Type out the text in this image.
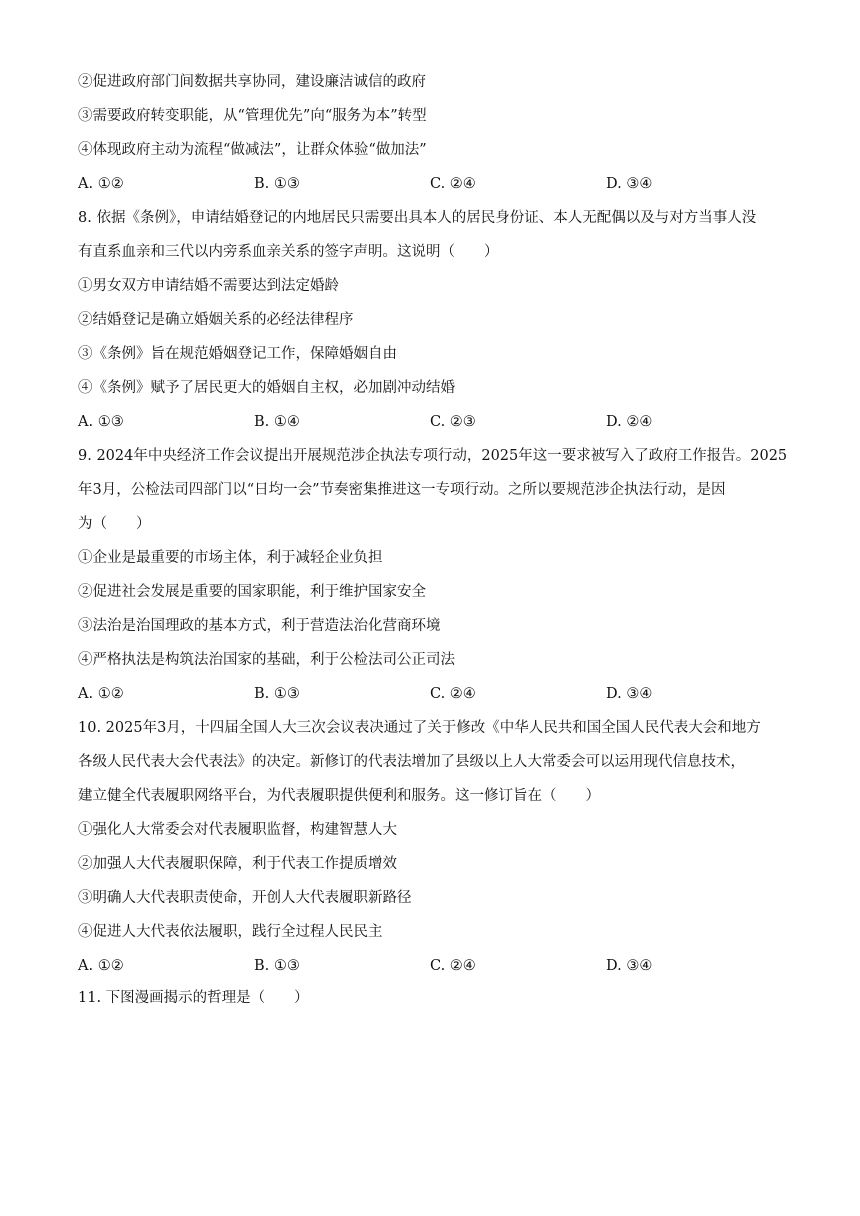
②促进政府部门间数据共享协同，建设廉洁诚信的政府
③需要政府转变职能，从“管理优先”向“服务为本”转型
④体现政府主动为流程“做减法”，让群众体验“做加法”
A. ①②	B. ①③	C. ②④	D. ③④
8. 依据《条例》，申请结婚登记的内地居民只需要出具本人的居民身份证、本人无配偶以及与对方当事人没
有直系血亲和三代以内旁系血亲关系的签字声明。这说明（　　）
①男女双方申请结婚不需要达到法定婚龄
②结婚登记是确立婚姻关系的必经法律程序
③《条例》旨在规范婚姻登记工作，保障婚姻自由
④《条例》赋予了居民更大的婚姻自主权，必加剧冲动结婚
A. ①③	B. ①④	C. ②③	D. ②④
9. 2024年中央经济工作会议提出开展规范涉企执法专项行动，2025年这一要求被写入了政府工作报告。2025
年3月，公检法司四部门以“日均一会”节奏密集推进这一专项行动。之所以要规范涉企执法行动，是因
为（　　）
①企业是最重要的市场主体，利于减轻企业负担
②促进社会发展是重要的国家职能，利于维护国家安全
③法治是治国理政的基本方式，利于营造法治化营商环境
④严格执法是构筑法治国家的基础，利于公检法司公正司法
A. ①②	B. ①③	C. ②④	D. ③④
10. 2025年3月，十四届全国人大三次会议表决通过了关于修改《中华人民共和国全国人民代表大会和地方
各级人民代表大会代表法》的决定。新修订的代表法增加了县级以上人大常委会可以运用现代信息技术，
建立健全代表履职网络平台，为代表履职提供便利和服务。这一修订旨在（　　）
①强化人大常委会对代表履职监督，构建智慧人大
②加强人大代表履职保障，利于代表工作提质增效
③明确人大代表职责使命，开创人大代表履职新路径
④促进人大代表依法履职，践行全过程人民民主
A. ①②	B. ①③	C. ②④	D. ③④
11. 下图漫画揭示的哲理是（　　）
